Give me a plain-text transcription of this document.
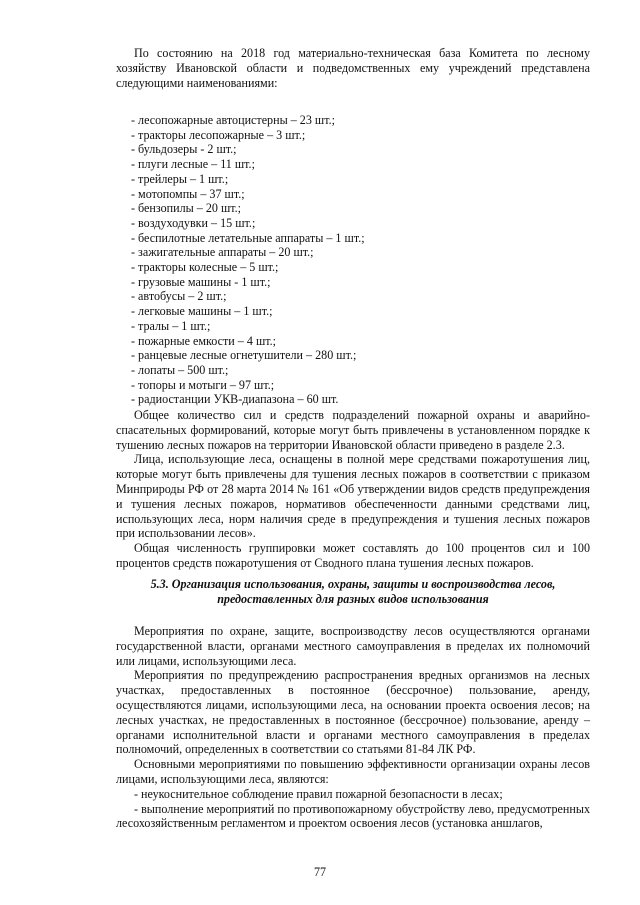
По состоянию на 2018 год материально-техническая база Комитета по лесному хозяйству Ивановской области и подведомственных ему учреждений представлена следующими наименованиями:

- лесопожарные автоцистерны – 23 шт.;
- тракторы лесопожарные – 3 шт.;
- бульдозеры - 2 шт.;
- плуги лесные – 11 шт.;
- трейлеры – 1 шт.;
- мотопомпы – 37 шт.;
- бензопилы – 20 шт.;
- воздуходувки – 15 шт.;
- беспилотные летательные аппараты – 1 шт.;
- зажигательные аппараты – 20 шт.;
- тракторы колесные – 5 шт.;
- грузовые машины - 1 шт.;
- автобусы – 2 шт.;
- легковые машины – 1 шт.;
- тралы – 1 шт.;
- пожарные емкости – 4 шт.;
- ранцевые лесные огнетушители – 280 шт.;
- лопаты – 500 шт.;
- топоры и мотыги – 97 шт.;
- радиостанции УКВ-диапазона – 60 шт.

Общее количество сил и средств подразделений пожарной охраны и аварийно-спасательных формирований, которые могут быть привлечены в установленном порядке к тушению лесных пожаров на территории Ивановской области приведено в разделе 2.3.

Лица, использующие леса, оснащены в полной мере средствами пожаротушения лиц, которые могут быть привлечены для тушения лесных пожаров в соответствии с приказом Минприроды РФ от 28 марта 2014 № 161 «Об утверждении видов средств предупреждения и тушения лесных пожаров, нормативов обеспеченности данными средствами лиц, использующих леса, норм наличия среде в предупреждения и тушения лесных пожаров при использовании лесов».

Общая численность группировки может составлять до 100 процентов сил и 100 процентов средств пожаротушения от Сводного плана тушения лесных пожаров.

5.3. Организация использования, охраны, защиты и воспроизводства лесов,
предоставленных для разных видов использования

Мероприятия по охране, защите, воспроизводству лесов осуществляются органами государственной власти, органами местного самоуправления в пределах их полномочий или лицами, использующими леса.

Мероприятия по предупреждению распространения вредных организмов на лесных участках, предоставленных в постоянное (бессрочное) пользование, аренду, осуществляются лицами, использующими леса, на основании проекта освоения лесов; на лесных участках, не предоставленных в постоянное (бессрочное) пользование, аренду – органами исполнительной власти и органами местного самоуправления в пределах полномочий, определенных в соответствии со статьями 81-84 ЛК РФ.

Основными мероприятиями по повышению эффективности организации охраны лесов лицами, использующими леса, являются:

- неукоснительное соблюдение правил пожарной безопасности в лесах;

- выполнение мероприятий по противопожарному обустройству лево, предусмотренных лесохозяйственным регламентом и проектом освоения лесов (установка аншлагов,

77
